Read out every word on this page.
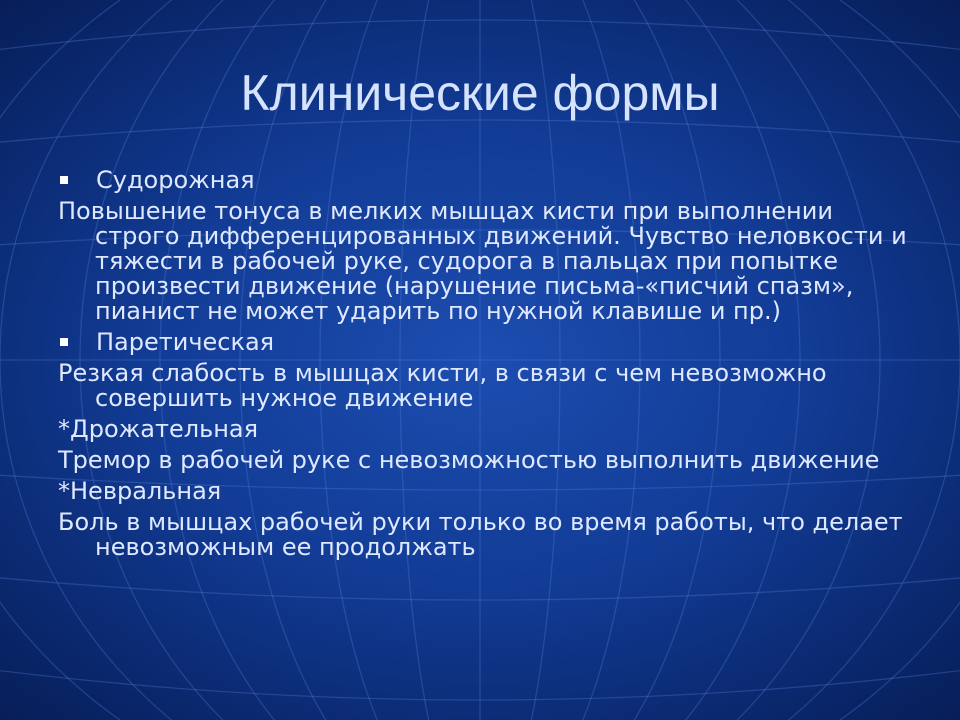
Клинические формы
Судорожная
Повышение тонуса в мелких мышцах кисти при выполнении строго дифференцированных движений. Чувство неловкости и тяжести в рабочей руке, судорога в пальцах при попытке произвести движение (нарушение письма-«писчий спазм», пианист не может ударить по нужной клавише и пр.)
Паретическая
Резкая слабость в мышцах кисти, в связи с чем невозможно совершить нужное движение
*Дрожательная
Тремор в рабочей руке с невозможностью выполнить движение
*Невральная
Боль в мышцах рабочей руки только во время работы, что делает невозможным ее продолжать
